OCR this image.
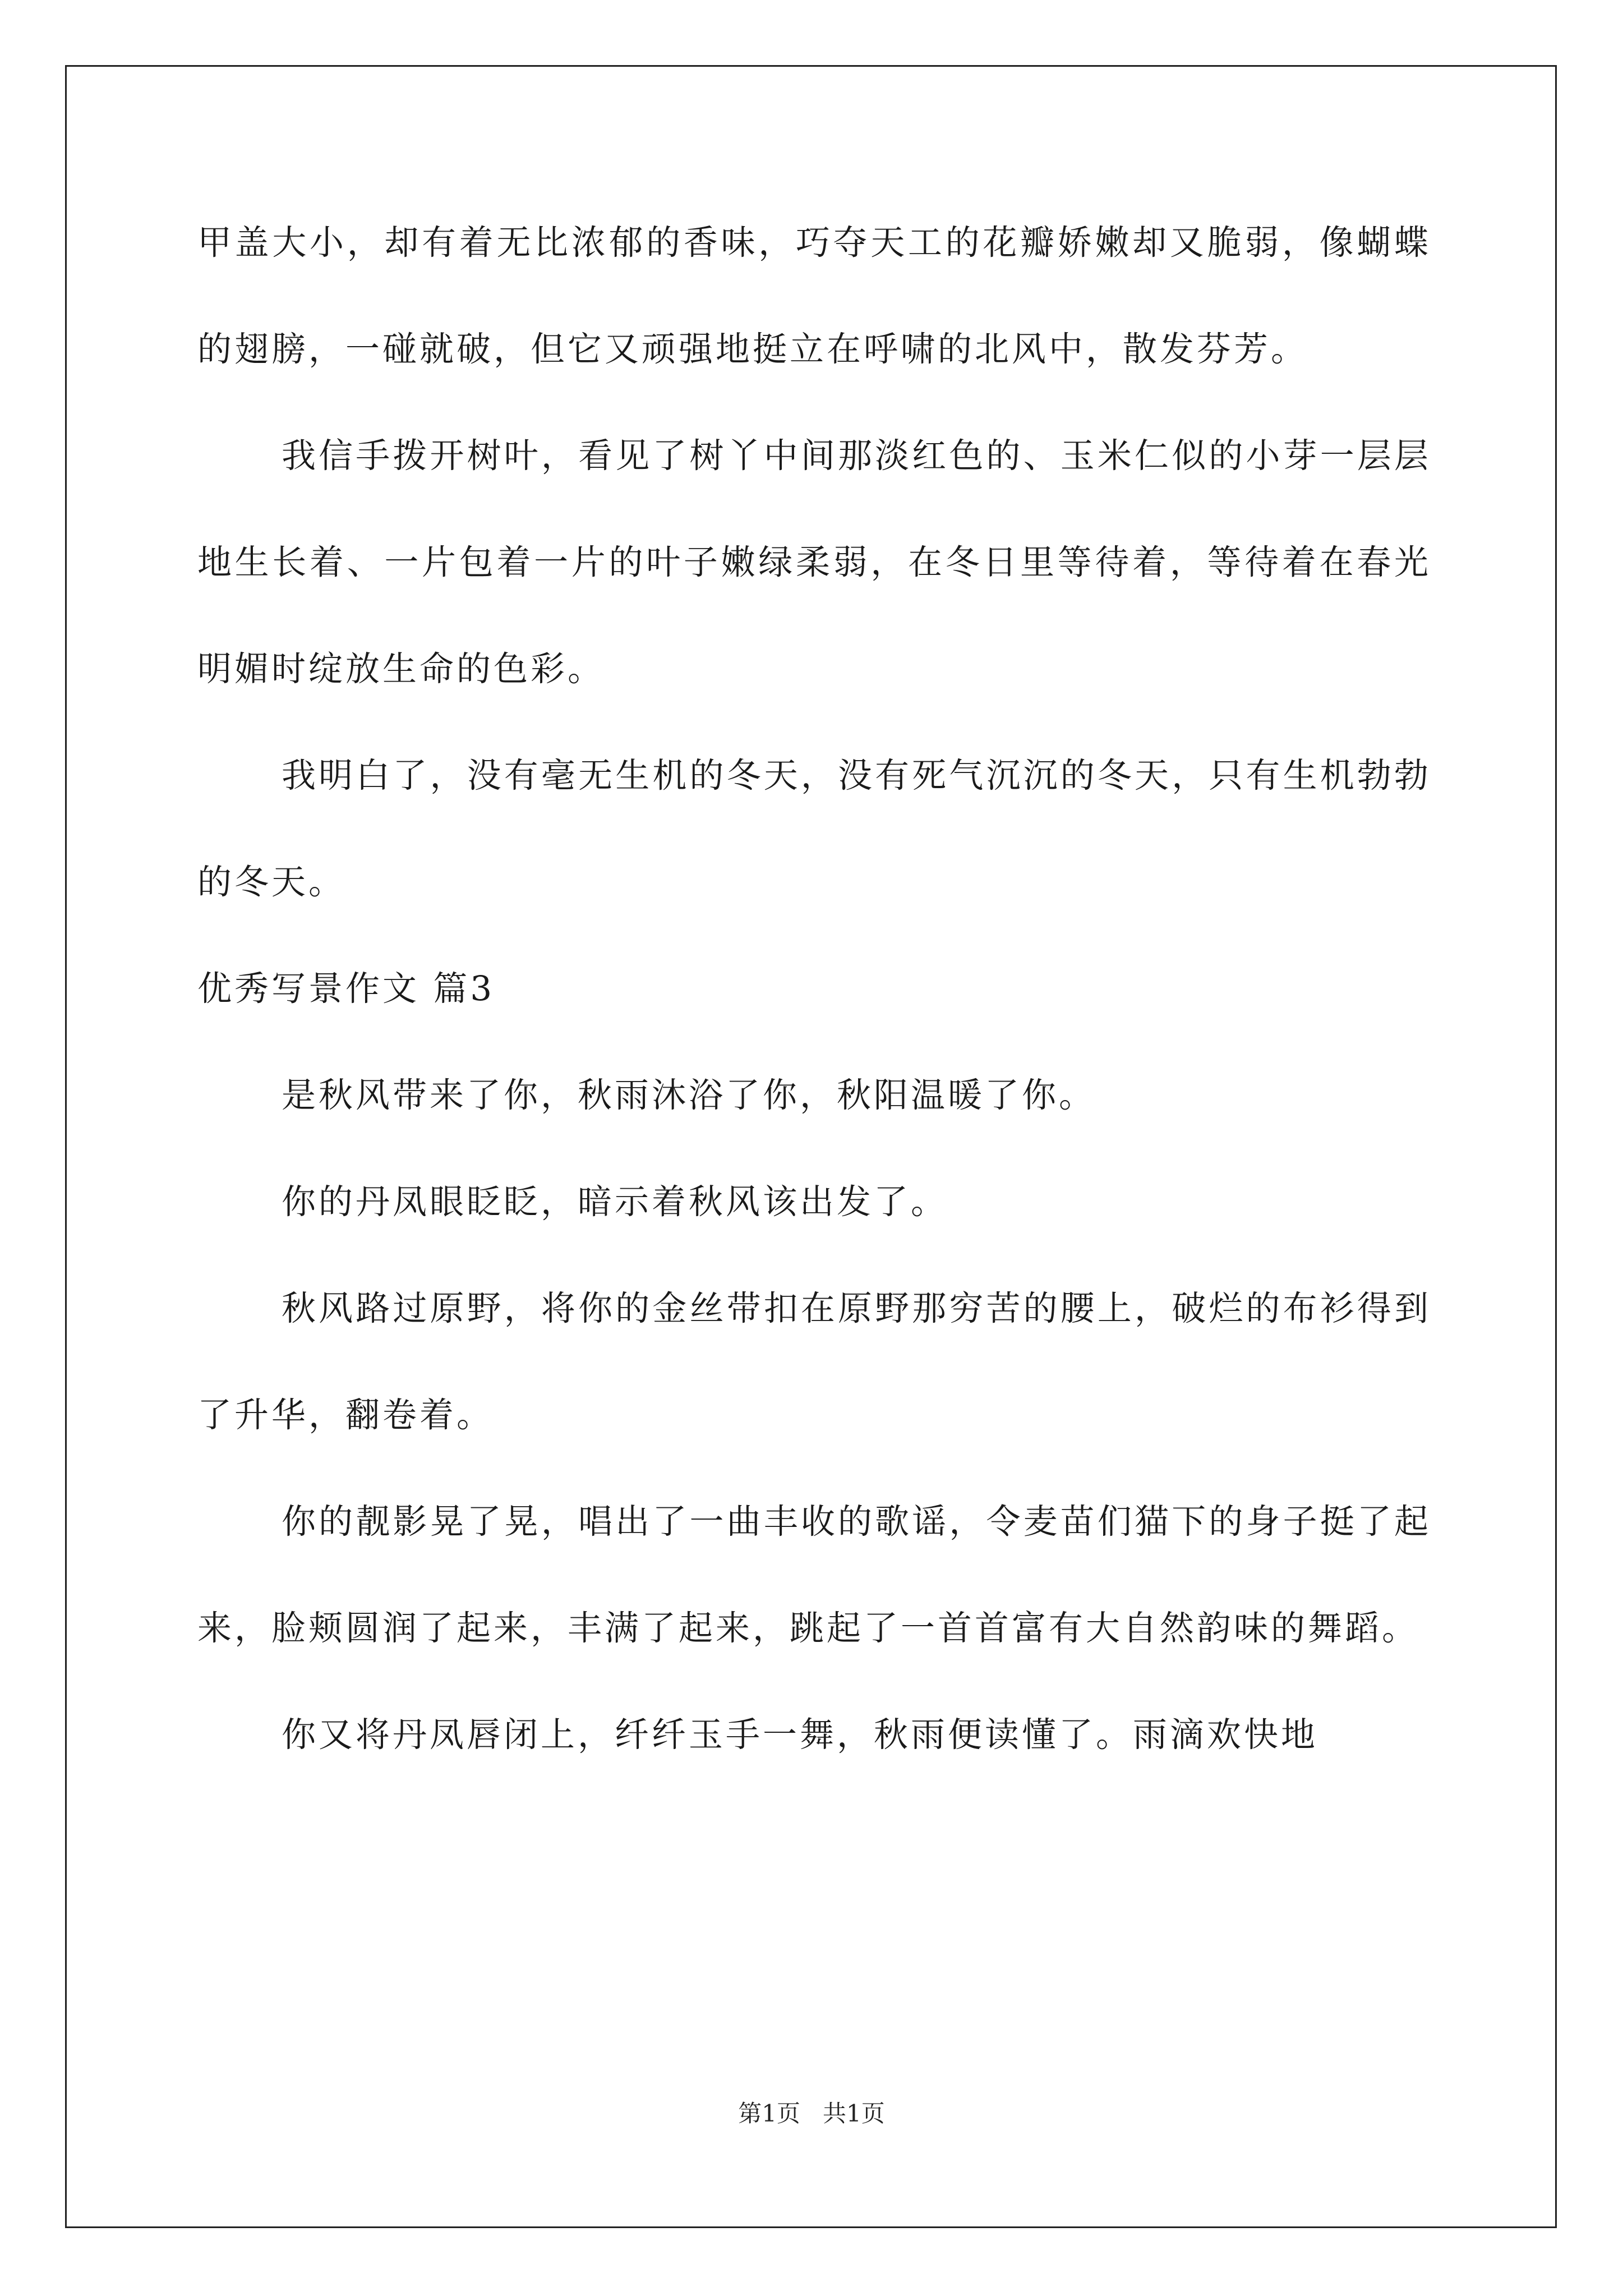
甲盖大小，却有着无比浓郁的香味，巧夺天工的花瓣娇嫩却又脆弱，像蝴蝶的翅膀，一碰就破，但它又顽强地挺立在呼啸的北风中，散发芬芳。

我信手拨开树叶，看见了树丫中间那淡红色的、玉米仁似的小芽一层层地生长着、一片包着一片的叶子嫩绿柔弱，在冬日里等待着，等待着在春光明媚时绽放生命的色彩。

我明白了，没有毫无生机的冬天，没有死气沉沉的冬天，只有生机勃勃的冬天。

优秀写景作文 篇3

是秋风带来了你，秋雨沐浴了你，秋阳温暖了你。

你的丹凤眼眨眨，暗示着秋风该出发了。

秋风路过原野，将你的金丝带扣在原野那穷苦的腰上，破烂的布衫得到了升华，翻卷着。

你的靓影晃了晃，唱出了一曲丰收的歌谣，令麦苗们猫下的身子挺了起来，脸颊圆润了起来，丰满了起来，跳起了一首首富有大自然韵味的舞蹈。

你又将丹凤唇闭上，纤纤玉手一舞，秋雨便读懂了。雨滴欢快地

第1页   共1页
